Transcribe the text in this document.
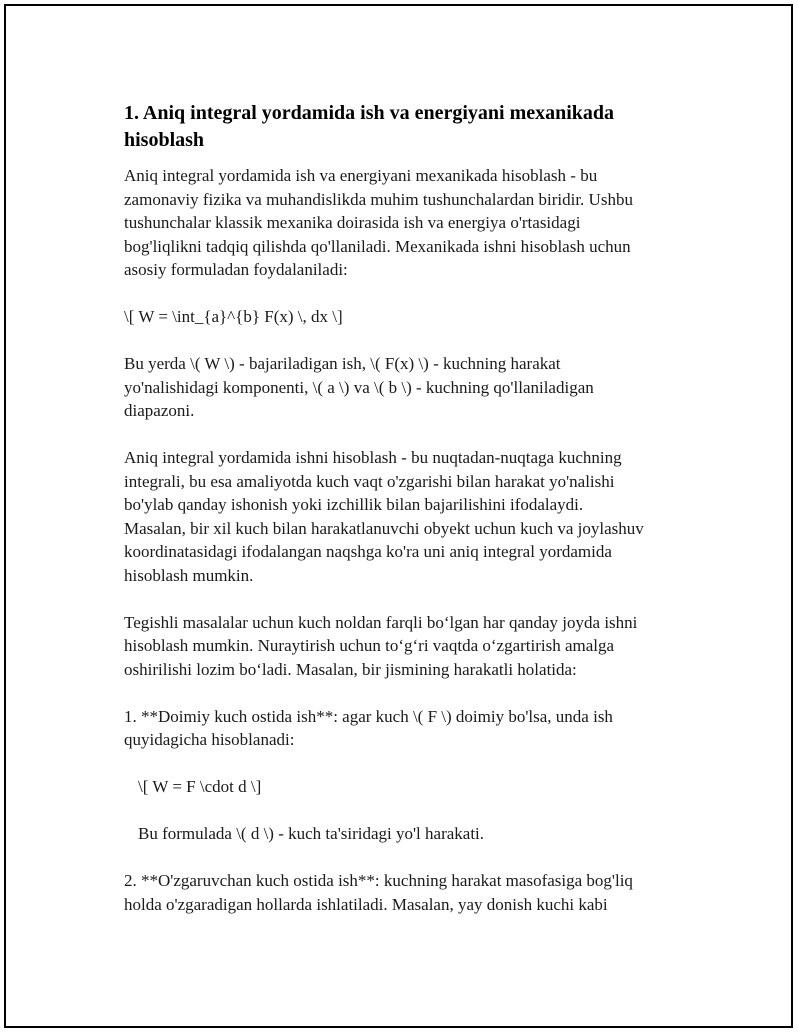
1. Aniq integral yordamida ish va energiyani mexanikada hisoblash

Aniq integral yordamida ish va energiyani mexanikada hisoblash - bu
zamonaviy fizika va muhandislikda muhim tushunchalardan biridir. Ushbu
tushunchalar klassik mexanika doirasida ish va energiya o'rtasidagi
bog'liqlikni tadqiq qilishda qo'llaniladi. Mexanikada ishni hisoblash uchun
asosiy formuladan foydalaniladi:

\[ W = \int_{a}^{b} F(x) \, dx \]

Bu yerda \( W \) - bajariladigan ish, \( F(x) \) - kuchning harakat
yo'nalishidagi komponenti, \( a \) va \( b \) - kuchning qo'llaniladigan
diapazoni.

Aniq integral yordamida ishni hisoblash - bu nuqtadan-nuqtaga kuchning
integrali, bu esa amaliyotda kuch vaqt o'zgarishi bilan harakat yo'nalishi
bo'ylab qanday ishonish yoki izchillik bilan bajarilishini ifodalaydi.
Masalan, bir xil kuch bilan harakatlanuvchi obyekt uchun kuch va joylashuv
koordinatasidagi ifodalangan naqshga ko'ra uni aniq integral yordamida
hisoblash mumkin.

Tegishli masalalar uchun kuch noldan farqli bo‘lgan har qanday joyda ishni
hisoblash mumkin. Nuraytirish uchun to‘g‘ri vaqtda o‘zgartirish amalga
oshirilishi lozim bo‘ladi. Masalan, bir jismining harakatli holatida:

1. **Doimiy kuch ostida ish**: agar kuch \( F \) doimiy bo'lsa, unda ish
quyidagicha hisoblanadi:

\[ W = F \cdot d \]

Bu formulada \( d \) - kuch ta'siridagi yo'l harakati.

2. **O'zgaruvchan kuch ostida ish**: kuchning harakat masofasiga bog'liq
holda o'zgaradigan hollarda ishlatiladi. Masalan, yay donish kuchi kabi
